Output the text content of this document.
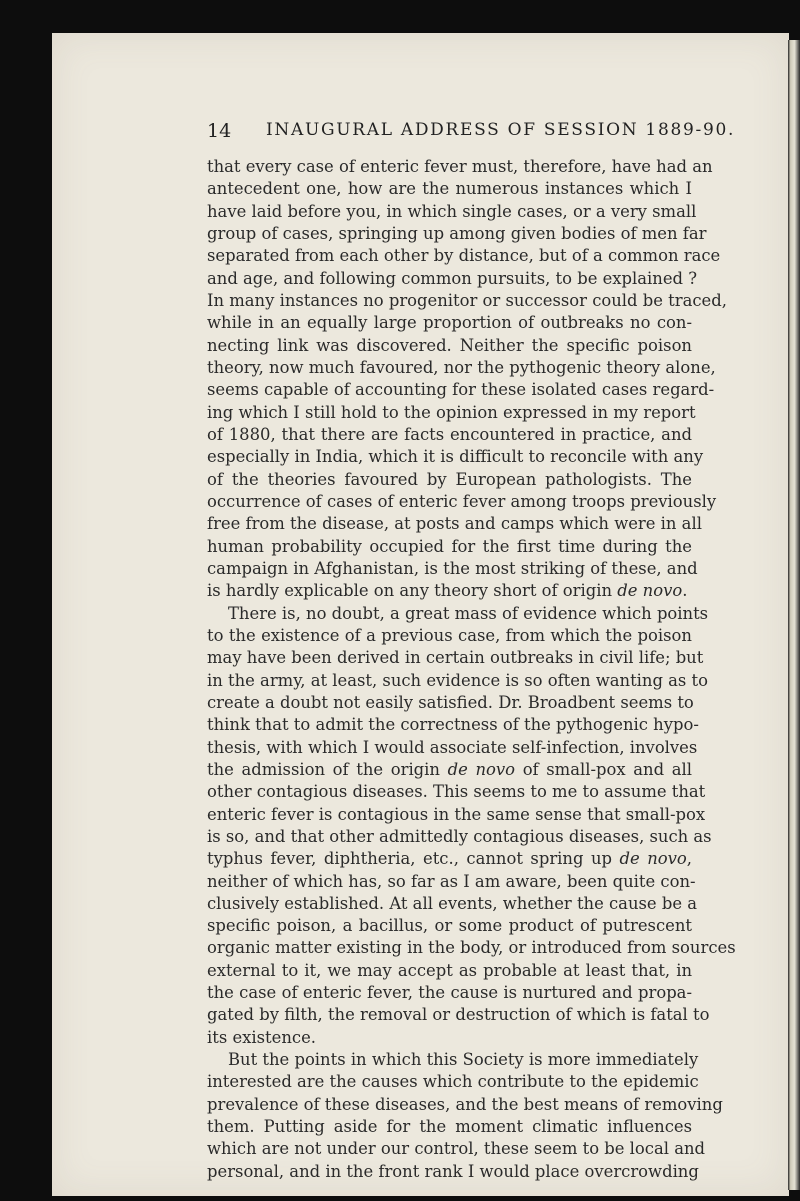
14 INAUGURAL ADDRESS OF SESSION 1889-90.
that every case of enteric fever must, therefore, have had an
antecedent one, how are the numerous instances which I
have laid before you, in which single cases, or a very small
group of cases, springing up among given bodies of men far
separated from each other by distance, but of a common race
and age, and following common pursuits, to be explained ?
In many instances no progenitor or successor could be traced,
while in an equally large proportion of outbreaks no con-
necting link was discovered. Neither the specific poison
theory, now much favoured, nor the pythogenic theory alone,
seems capable of accounting for these isolated cases regard-
ing which I still hold to the opinion expressed in my report
of 1880, that there are facts encountered in practice, and
especially in India, which it is difficult to reconcile with any
of the theories favoured by European pathologists. The
occurrence of cases of enteric fever among troops previously
free from the disease, at posts and camps which were in all
human probability occupied for the first time during the
campaign in Afghanistan, is the most striking of these, and
is hardly explicable on any theory short of origin de novo.
There is, no doubt, a great mass of evidence which points
to the existence of a previous case, from which the poison
may have been derived in certain outbreaks in civil life; but
in the army, at least, such evidence is so often wanting as to
create a doubt not easily satisfied. Dr. Broadbent seems to
think that to admit the correctness of the pythogenic hypo-
thesis, with which I would associate self-infection, involves
the admission of the origin de novo of small-pox and all
other contagious diseases. This seems to me to assume that
enteric fever is contagious in the same sense that small-pox
is so, and that other admittedly contagious diseases, such as
typhus fever, diphtheria, etc., cannot spring up de novo,
neither of which has, so far as I am aware, been quite con-
clusively established. At all events, whether the cause be a
specific poison, a bacillus, or some product of putrescent
organic matter existing in the body, or introduced from sources
external to it, we may accept as probable at least that, in
the case of enteric fever, the cause is nurtured and propa-
gated by filth, the removal or destruction of which is fatal to
its existence.
But the points in which this Society is more immediately
interested are the causes which contribute to the epidemic
prevalence of these diseases, and the best means of removing
them. Putting aside for the moment climatic influences
which are not under our control, these seem to be local and
personal, and in the front rank I would place overcrowding
